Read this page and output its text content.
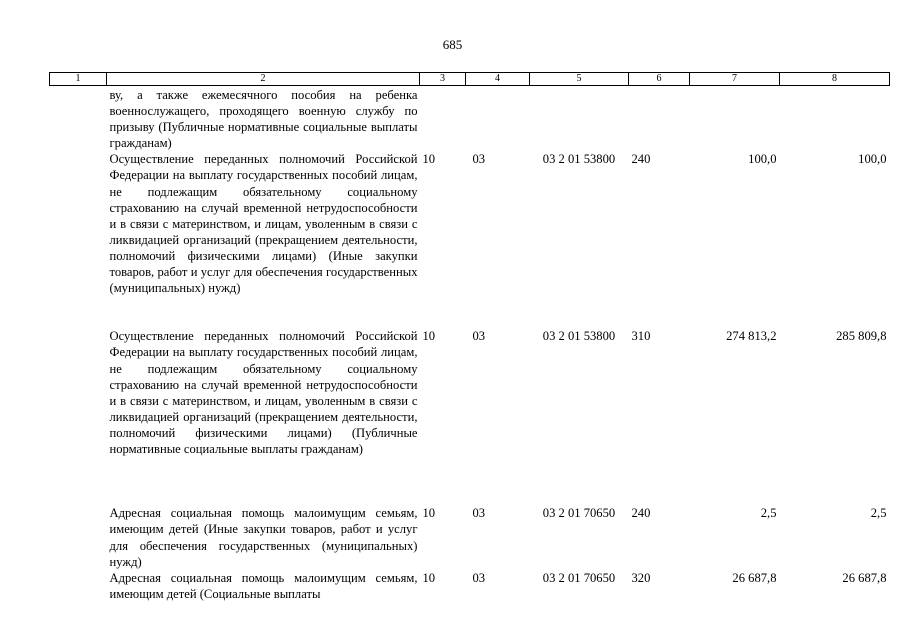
685
1	2	3	4	5	6	7	8
	ву, а также ежемесячного пособия на ребенка военнослужащего, проходящего военную службу по призыву (Публичные нормативные социальные выплаты гражданам)						
	Осуществление переданных полномочий Российской Федерации на выплату государственных пособий лицам, не подлежащим обязательному социальному страхованию на случай временной нетрудоспособности и в связи с материнством, и лицам, уволенным в связи с ликвидацией организаций (прекращением деятельности, полномочий физическими лицами) (Иные закупки товаров, работ и услуг для обеспечения государственных (муниципальных) нужд)	10	03	03 2 01 53800	240	100,0	100,0
	Осуществление переданных полномочий Российской Федерации на выплату государственных пособий лицам, не подлежащим обязательному социальному страхованию на случай временной нетрудоспособности и в связи с материнством, и лицам, уволенным в связи с ликвидацией организаций (прекращением деятельности, полномочий физическими лицами) (Публичные нормативные социальные выплаты гражданам)	10	03	03 2 01 53800	310	274 813,2	285 809,8
	Адресная социальная помощь малоимущим семьям, имеющим детей (Иные закупки товаров, работ и услуг для обеспечения государственных (муниципальных) нужд)	10	03	03 2 01 70650	240	2,5	2,5
	Адресная социальная помощь малоимущим семьям, имеющим детей (Социальные выплаты	10	03	03 2 01 70650	320	26 687,8	26 687,8
